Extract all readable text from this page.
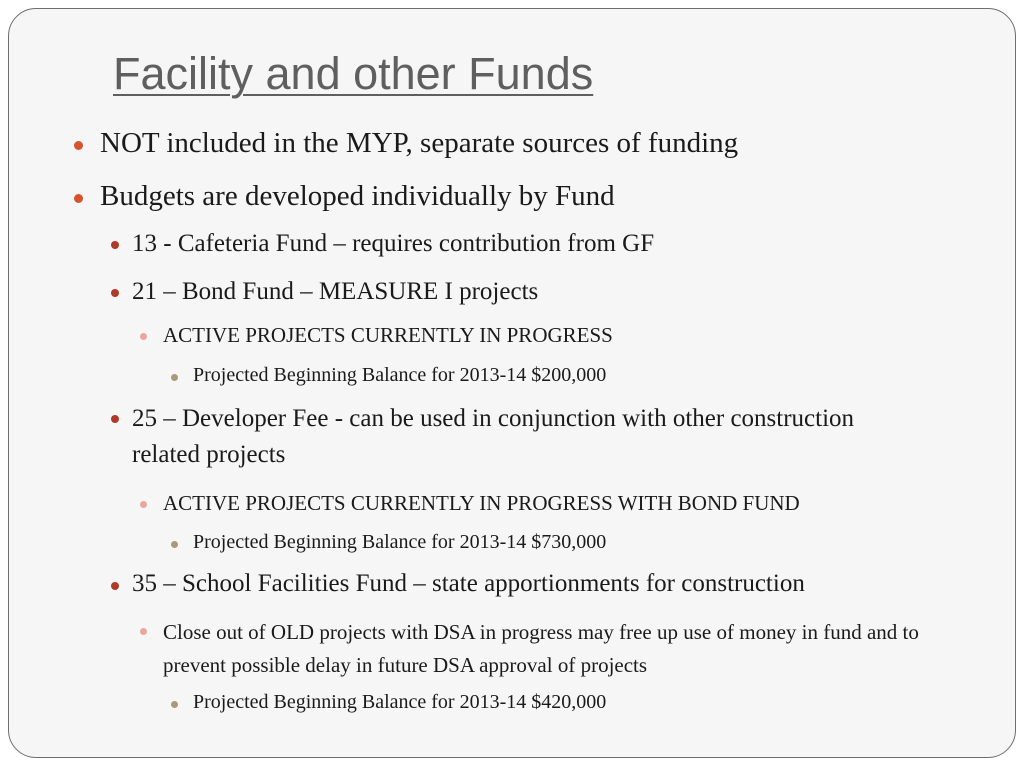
Facility and other Funds
NOT included in the MYP, separate sources of funding
Budgets are developed individually by Fund
13 - Cafeteria Fund – requires contribution from GF
21 – Bond Fund – MEASURE I projects
ACTIVE PROJECTS CURRENTLY IN PROGRESS
Projected Beginning Balance for 2013-14 $200,000
25 – Developer Fee - can be used in conjunction with other construction related projects
ACTIVE PROJECTS CURRENTLY IN PROGRESS WITH BOND FUND
Projected Beginning Balance for 2013-14 $730,000
35 – School Facilities Fund – state apportionments for construction
Close out of OLD projects with DSA in progress may free up use of money in fund and to prevent possible delay in future DSA approval of projects
Projected Beginning Balance for 2013-14 $420,000
